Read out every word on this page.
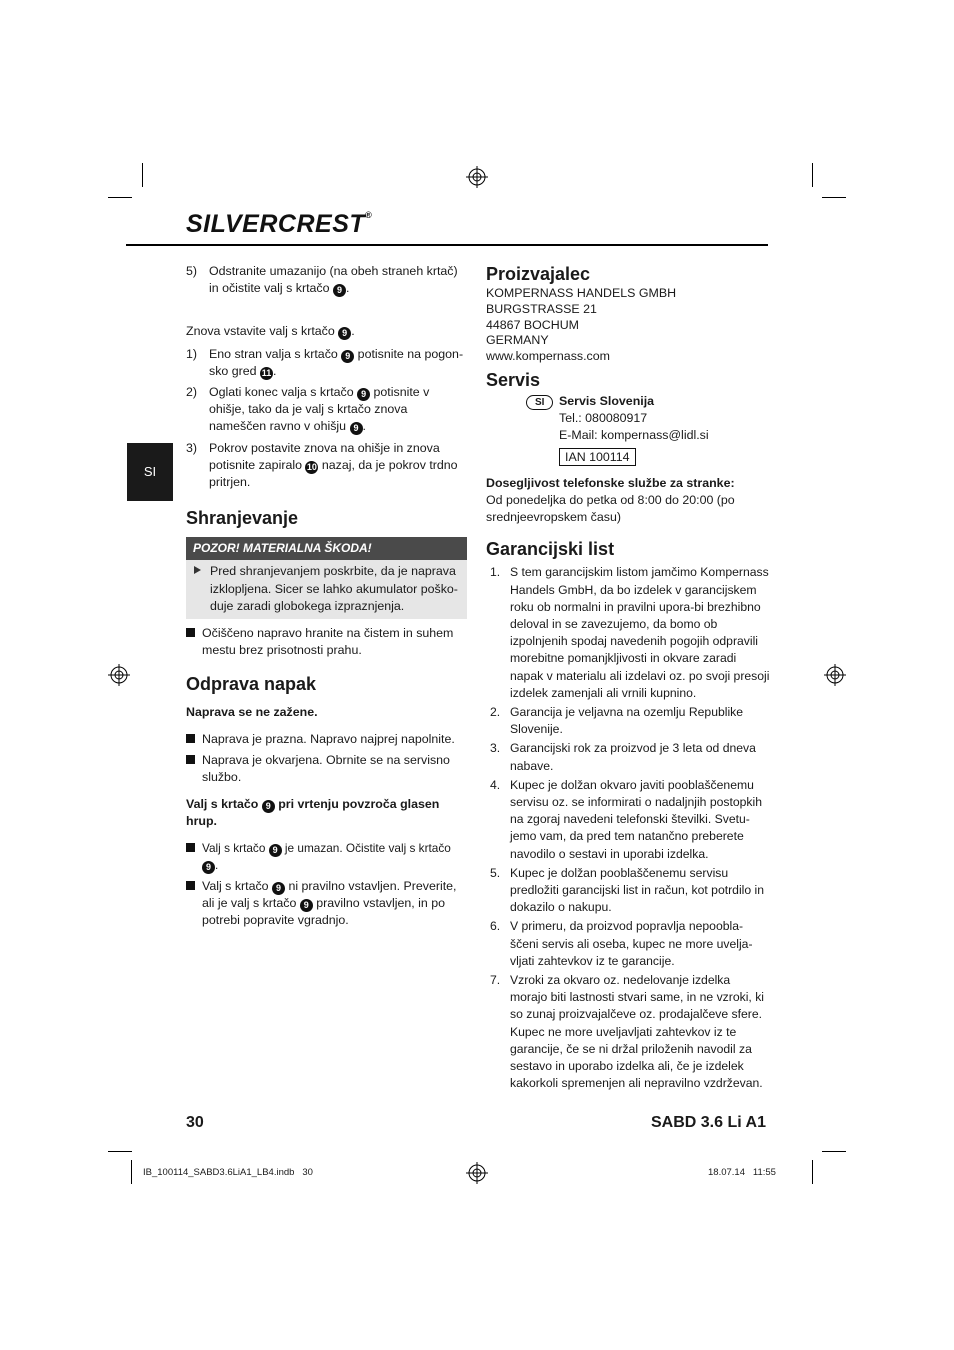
SILVERCREST®
SI
5) Odstranite umazanijo (na obeh straneh krtač) in očistite valj s krtačo 9 .

Znova vstavite valj s krtačo 9 .

1) Eno stran valja s krtačo 9 potisnite na pogon-sko gred 11 .
2) Oglati konec valja s krtačo 9 potisnite v ohišje, tako da je valj s krtačo znova nameščen ravno v ohišju 9 .
3) Pokrov postavite znova na ohišje in znova potisnite zapiralo 10 nazaj, da je pokrov trdno pritrjen.
Shranjevanje
POZOR! MATERIALNA ŠKODA!
Pred shranjevanjem poskrbite, da je naprava izklopljena. Sicer se lahko akumulator poško-duje zaradi globokega izpraznjenja.
Očiščeno napravo hranite na čistem in suhem mestu brez prisotnosti prahu.
Odprava napak

Naprava se ne zažene.

Naprava je prazna. Napravo najprej napolnite.
Naprava je okvarjena. Obrnite se na servisno službo.

Valj s krtačo 9 pri vrtenju povzroča glasen hrup.

Valj s krtačo 9 je umazan. Očistite valj s krtačo 9 .
Valj s krtačo 9 ni pravilno vstavljen. Preverite, ali je valj s krtačo 9 pravilno vstavljen, in po potrebi popravite vgradnjo.
Proizvajalec

KOMPERNASS HANDELS GMBH

BURGSTRASSE 21

44867 BOCHUM

GERMANY

www.kompernass.com

Servis
SI	Servis Slovenija

Tel.: 080080917

E-Mail: kompernass@lidl.si

IAN 100114

Dosegljivost telefonske službe za stranke:

Od ponedeljka do petka od 8:00 do 20:00 (po srednjeevropskem času)

Garancijski list
1. S tem garancijskim listom jamčimo Kompernass Handels GmbH, da bo izdelek v garancijskem roku ob normalni in pravilni upora-bi brezhibno deloval in se zavezujemo, da bomo ob izpolnjenih spodaj navedenih pogojih odpravili morebitne pomanjkljivosti in okvare zaradi napak v materialu ali izdelavi oz. po svoji presoji izdelek zamenjali ali vrnili kupnino.
2. Garancija je veljavna na ozemlju Republike Slovenije.
3. Garancijski rok za proizvod je 3 leta od dneva nabave.
4. Kupec je dolžan okvaro javiti pooblaščenemu servisu oz. se informirati o nadaljnjih postopkih na zgoraj navedeni telefonski številki. Svetu-jemo vam, da pred tem natančno preberete navodilo o sestavi in uporabi izdelka.
5. Kupec je dolžan pooblaščenemu servisu predložiti garancijski list in račun, kot potrdilo in dokazilo o nakupu.
6. V primeru, da proizvod popravlja nepoobla-ščeni servis ali oseba, kupec ne more uvelja-vljati zahtevkov iz te garancije.
7. Vzroki za okvaro oz. nedelovanje izdelka morajo biti lastnosti stvari same, in ne vzroki, ki so zunaj proizvajalčeve oz. prodajalčeve sfere. Kupec ne more uveljavljati zahtevkov iz te garancije, če se ni držal priloženih navodil za sestavo in uporabo izdelka ali, če je izdelek kakorkoli spremenjen ali nepravilno vzdrževan.
30	SABD 3.6 Li A1
IB_100114_SABD3.6LiA1_LB4.indb   30	18.07.14   11:55
